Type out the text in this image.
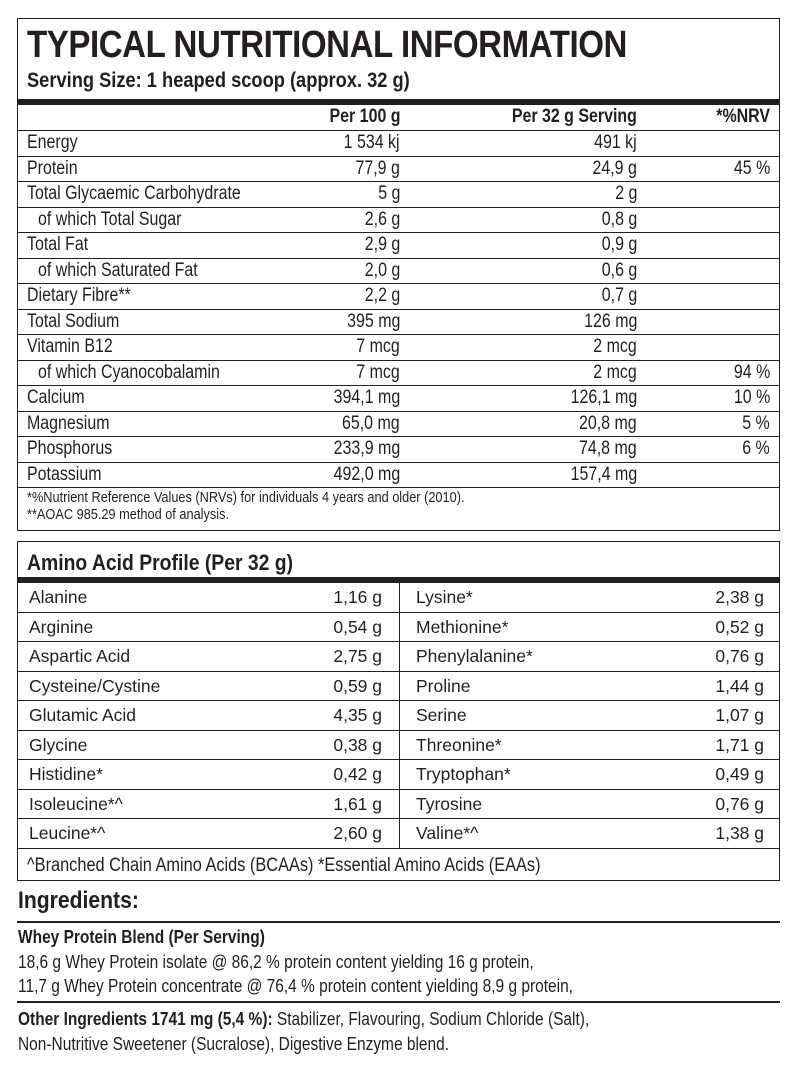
TYPICAL NUTRITIONAL INFORMATION
Serving Size: 1 heaped scoop (approx. 32 g)
Per 100 g	Per 32 g Serving	*%NRV
Energy	1 534 kj	491 kj
Protein	77,9 g	24,9 g	45 %
Total Glycaemic Carbohydrate	5 g	2 g
of which Total Sugar	2,6 g	0,8 g
Total Fat	2,9 g	0,9 g
of which Saturated Fat	2,0 g	0,6 g
Dietary Fibre**	2,2 g	0,7 g
Total Sodium	395 mg	126 mg
Vitamin B12	7 mcg	2 mcg
of which Cyanocobalamin	7 mcg	2 mcg	94 %
Calcium	394,1 mg	126,1 mg	10 %
Magnesium	65,0 mg	20,8 mg	5 %
Phosphorus	233,9 mg	74,8 mg	6 %
Potassium	492,0 mg	157,4 mg
*%Nutrient Reference Values (NRVs) for individuals 4 years and older (2010).
**AOAC 985.29 method of analysis.
Amino Acid Profile (Per 32 g)
Alanine	1,16 g Lysine*	2,38 g
Arginine	0,54 g Methionine*	0,52 g
Aspartic Acid	2,75 g Phenylalanine*	0,76 g
Cysteine/Cystine	0,59 g Proline	1,44 g
Glutamic Acid	4,35 g Serine	1,07 g
Glycine	0,38 g Threonine*	1,71 g
Histidine*	0,42 g Tryptophan*	0,49 g
Isoleucine*^	1,61 g Tyrosine	0,76 g
Leucine*^	2,60 g Valine*^	1,38 g
^Branched Chain Amino Acids (BCAAs) *Essential Amino Acids (EAAs)
Ingredients:
Whey Protein Blend (Per Serving)
18,6 g Whey Protein isolate @ 86,2 % protein content yielding 16 g protein,
11,7 g Whey Protein concentrate @ 76,4 % protein content yielding 8,9 g protein,
Other Ingredients 1741 mg (5,4 %): Stabilizer, Flavouring, Sodium Chloride (Salt),
Non-Nutritive Sweetener (Sucralose), Digestive Enzyme blend.
